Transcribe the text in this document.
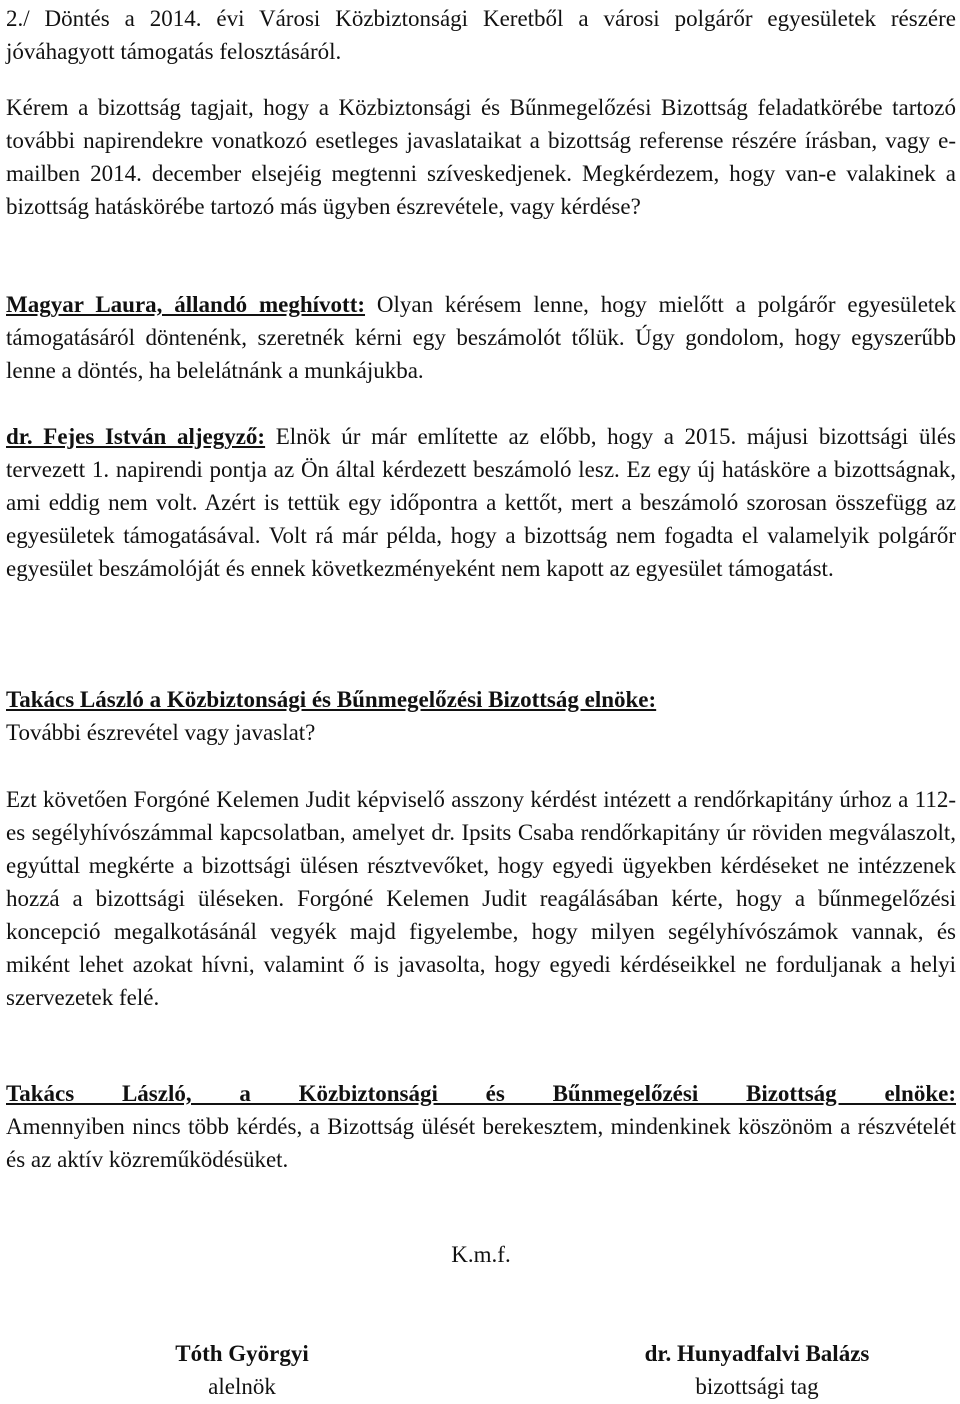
2./ Döntés a 2014. évi Városi Közbiztonsági Keretből a városi polgárőr egyesületek részére jóváhagyott támogatás felosztásáról.
Kérem a bizottság tagjait, hogy a Közbiztonsági és Bűnmegelőzési Bizottság feladatkörébe tartozó további napirendekre vonatkozó esetleges javaslataikat a bizottság referense részére írásban, vagy e-mailben 2014. december elsejéig megtenni szíveskedjenek. Megkérdezem, hogy van-e valakinek a bizottság hatáskörébe tartozó más ügyben észrevétele, vagy kérdése?
Magyar Laura, állandó meghívott: Olyan kérésem lenne, hogy mielőtt a polgárőr egyesületek támogatásáról döntenénk, szeretnék kérni egy beszámolót tőlük. Úgy gondolom, hogy egyszerűbb lenne a döntés, ha belelátnánk a munkájukba.
dr. Fejes István aljegyző: Elnök úr már említette az előbb, hogy a 2015. májusi bizottsági ülés tervezett 1. napirendi pontja az Ön által kérdezett beszámoló lesz. Ez egy új hatásköre a bizottságnak, ami eddig nem volt. Azért is tettük egy időpontra a kettőt, mert a beszámoló szorosan összefügg az egyesületek támogatásával. Volt rá már példa, hogy a bizottság nem fogadta el valamelyik polgárőr egyesület beszámolóját és ennek következményeként nem kapott az egyesület támogatást.
Takács László a Közbiztonsági és Bűnmegelőzési Bizottság elnöke:
További észrevétel vagy javaslat?
Ezt követően Forgóné Kelemen Judit képviselő asszony kérdést intézett a rendőrkapitány úrhoz a 112-es segélyhívószámmal kapcsolatban, amelyet dr. Ipsits Csaba rendőrkapitány úr röviden megválaszolt, egyúttal megkérte a bizottsági ülésen résztvevőket, hogy egyedi ügyekben kérdéseket ne intézzenek hozzá a bizottsági üléseken. Forgóné Kelemen Judit reagálásában kérte, hogy a bűnmegelőzési koncepció megalkotásánál vegyék majd figyelembe, hogy milyen segélyhívószámok vannak, és miként lehet azokat hívni, valamint ő is javasolta, hogy egyedi kérdéseikkel ne forduljanak a helyi szervezetek felé.
Takács László, a Közbiztonsági és Bűnmegelőzési Bizottság elnöke:
Amennyiben nincs több kérdés, a Bizottság ülését berekesztem, mindenkinek köszönöm a részvételét és az aktív közreműködésüket.
K.m.f.
Tóth Györgyi
alelnök
dr. Hunyadfalvi Balázs
bizottsági tag
